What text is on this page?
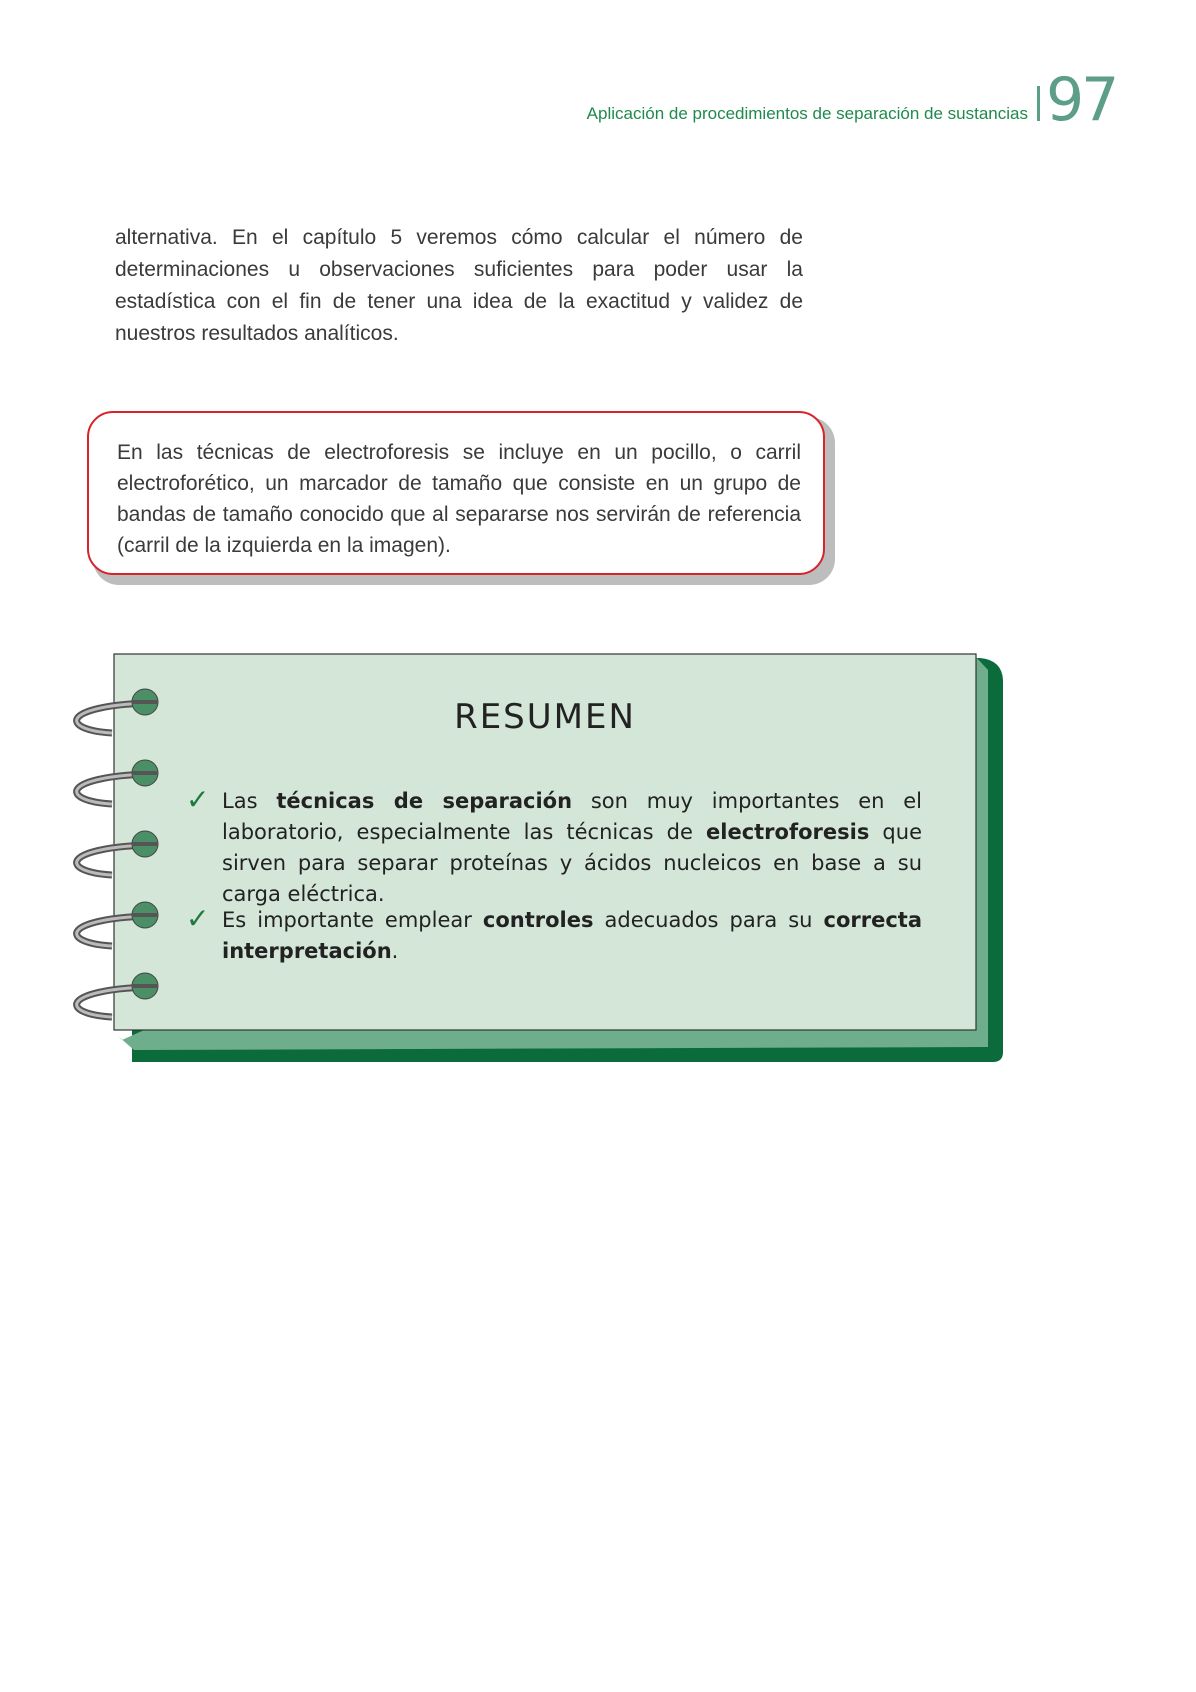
Aplicación de procedimientos de separación de sustancias 97

alternativa. En el capítulo 5 veremos cómo calcular el número de determinaciones u observaciones suficientes para poder usar la estadística con el fin de tener una idea de la exactitud y validez de nuestros resultados analíticos.

En las técnicas de electroforesis se incluye en un pocillo, o carril electroforético, un marcador de tamaño que consiste en un grupo de bandas de tamaño conocido que al separarse nos servirán de referencia (carril de la izquierda en la imagen).

RESUMEN
✓ Las técnicas de separación son muy importantes en el laboratorio, especialmente las técnicas de electroforesis que sirven para separar proteínas y ácidos nucleicos en base a su carga eléctrica.

✓ Es importante emplear controles adecuados para su correcta interpretación.
